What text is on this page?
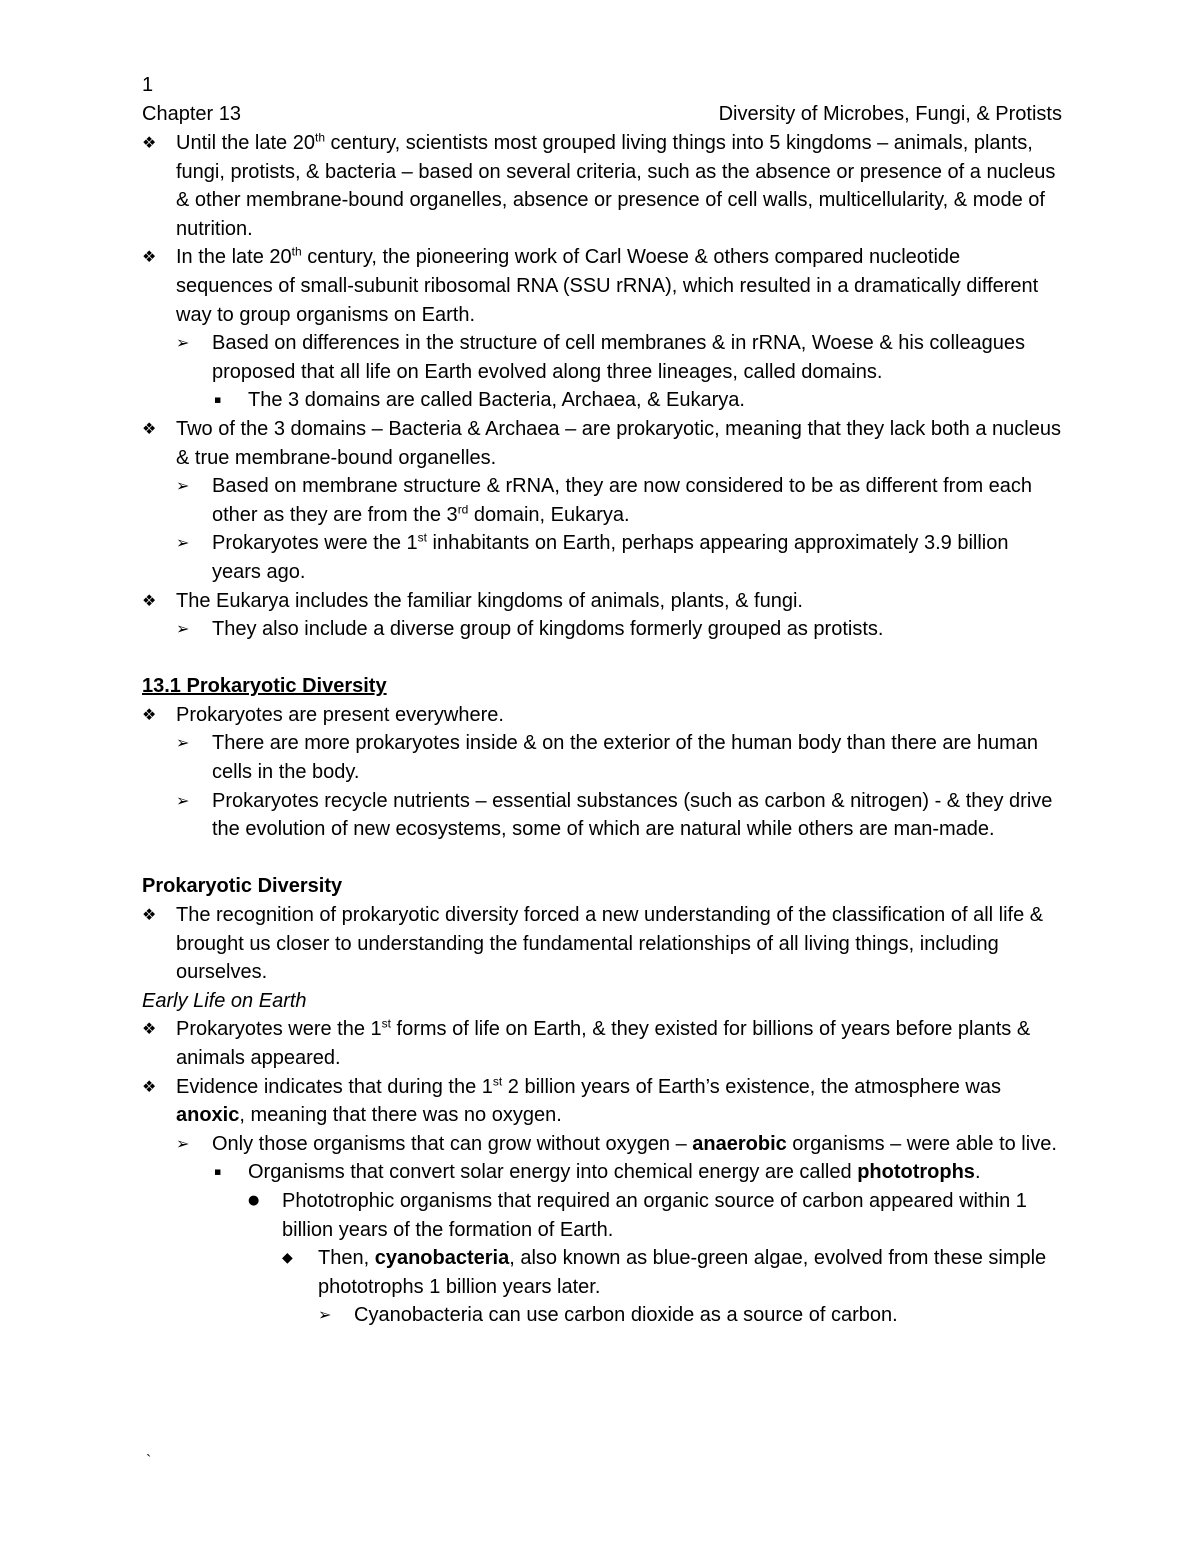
1
Chapter 13	Diversity of Microbes, Fungi, & Protists
❖ Until the late 20th century, scientists most grouped living things into 5 kingdoms – animals, plants, fungi, protists, & bacteria – based on several criteria, such as the absence or presence of a nucleus & other membrane-bound organelles, absence or presence of cell walls, multicellularity, & mode of nutrition.
❖ In the late 20th century, the pioneering work of Carl Woese & others compared nucleotide sequences of small-subunit ribosomal RNA (SSU rRNA), which resulted in a dramatically different way to group organisms on Earth.
➢ Based on differences in the structure of cell membranes & in rRNA, Woese & his colleagues proposed that all life on Earth evolved along three lineages, called domains.
▪ The 3 domains are called Bacteria, Archaea, & Eukarya.
❖ Two of the 3 domains – Bacteria & Archaea – are prokaryotic, meaning that they lack both a nucleus & true membrane-bound organelles.
➢ Based on membrane structure & rRNA, they are now considered to be as different from each other as they are from the 3rd domain, Eukarya.
➢ Prokaryotes were the 1st inhabitants on Earth, perhaps appearing approximately 3.9 billion years ago.
❖ The Eukarya includes the familiar kingdoms of animals, plants, & fungi.
➢ They also include a diverse group of kingdoms formerly grouped as protists.
13.1 Prokaryotic Diversity
❖ Prokaryotes are present everywhere.
➢ There are more prokaryotes inside & on the exterior of the human body than there are human cells in the body.
➢ Prokaryotes recycle nutrients – essential substances (such as carbon & nitrogen) - & they drive the evolution of new ecosystems, some of which are natural while others are man-made.
Prokaryotic Diversity
❖ The recognition of prokaryotic diversity forced a new understanding of the classification of all life & brought us closer to understanding the fundamental relationships of all living things, including ourselves.
Early Life on Earth
❖ Prokaryotes were the 1st forms of life on Earth, & they existed for billions of years before plants & animals appeared.
❖ Evidence indicates that during the 1st 2 billion years of Earth’s existence, the atmosphere was anoxic, meaning that there was no oxygen.
➢ Only those organisms that can grow without oxygen – anaerobic organisms – were able to live.
▪ Organisms that convert solar energy into chemical energy are called phototrophs.
● Phototrophic organisms that required an organic source of carbon appeared within 1 billion years of the formation of Earth.
◆ Then, cyanobacteria, also known as blue-green algae, evolved from these simple phototrophs 1 billion years later.
➢ Cyanobacteria can use carbon dioxide as a source of carbon.
`
